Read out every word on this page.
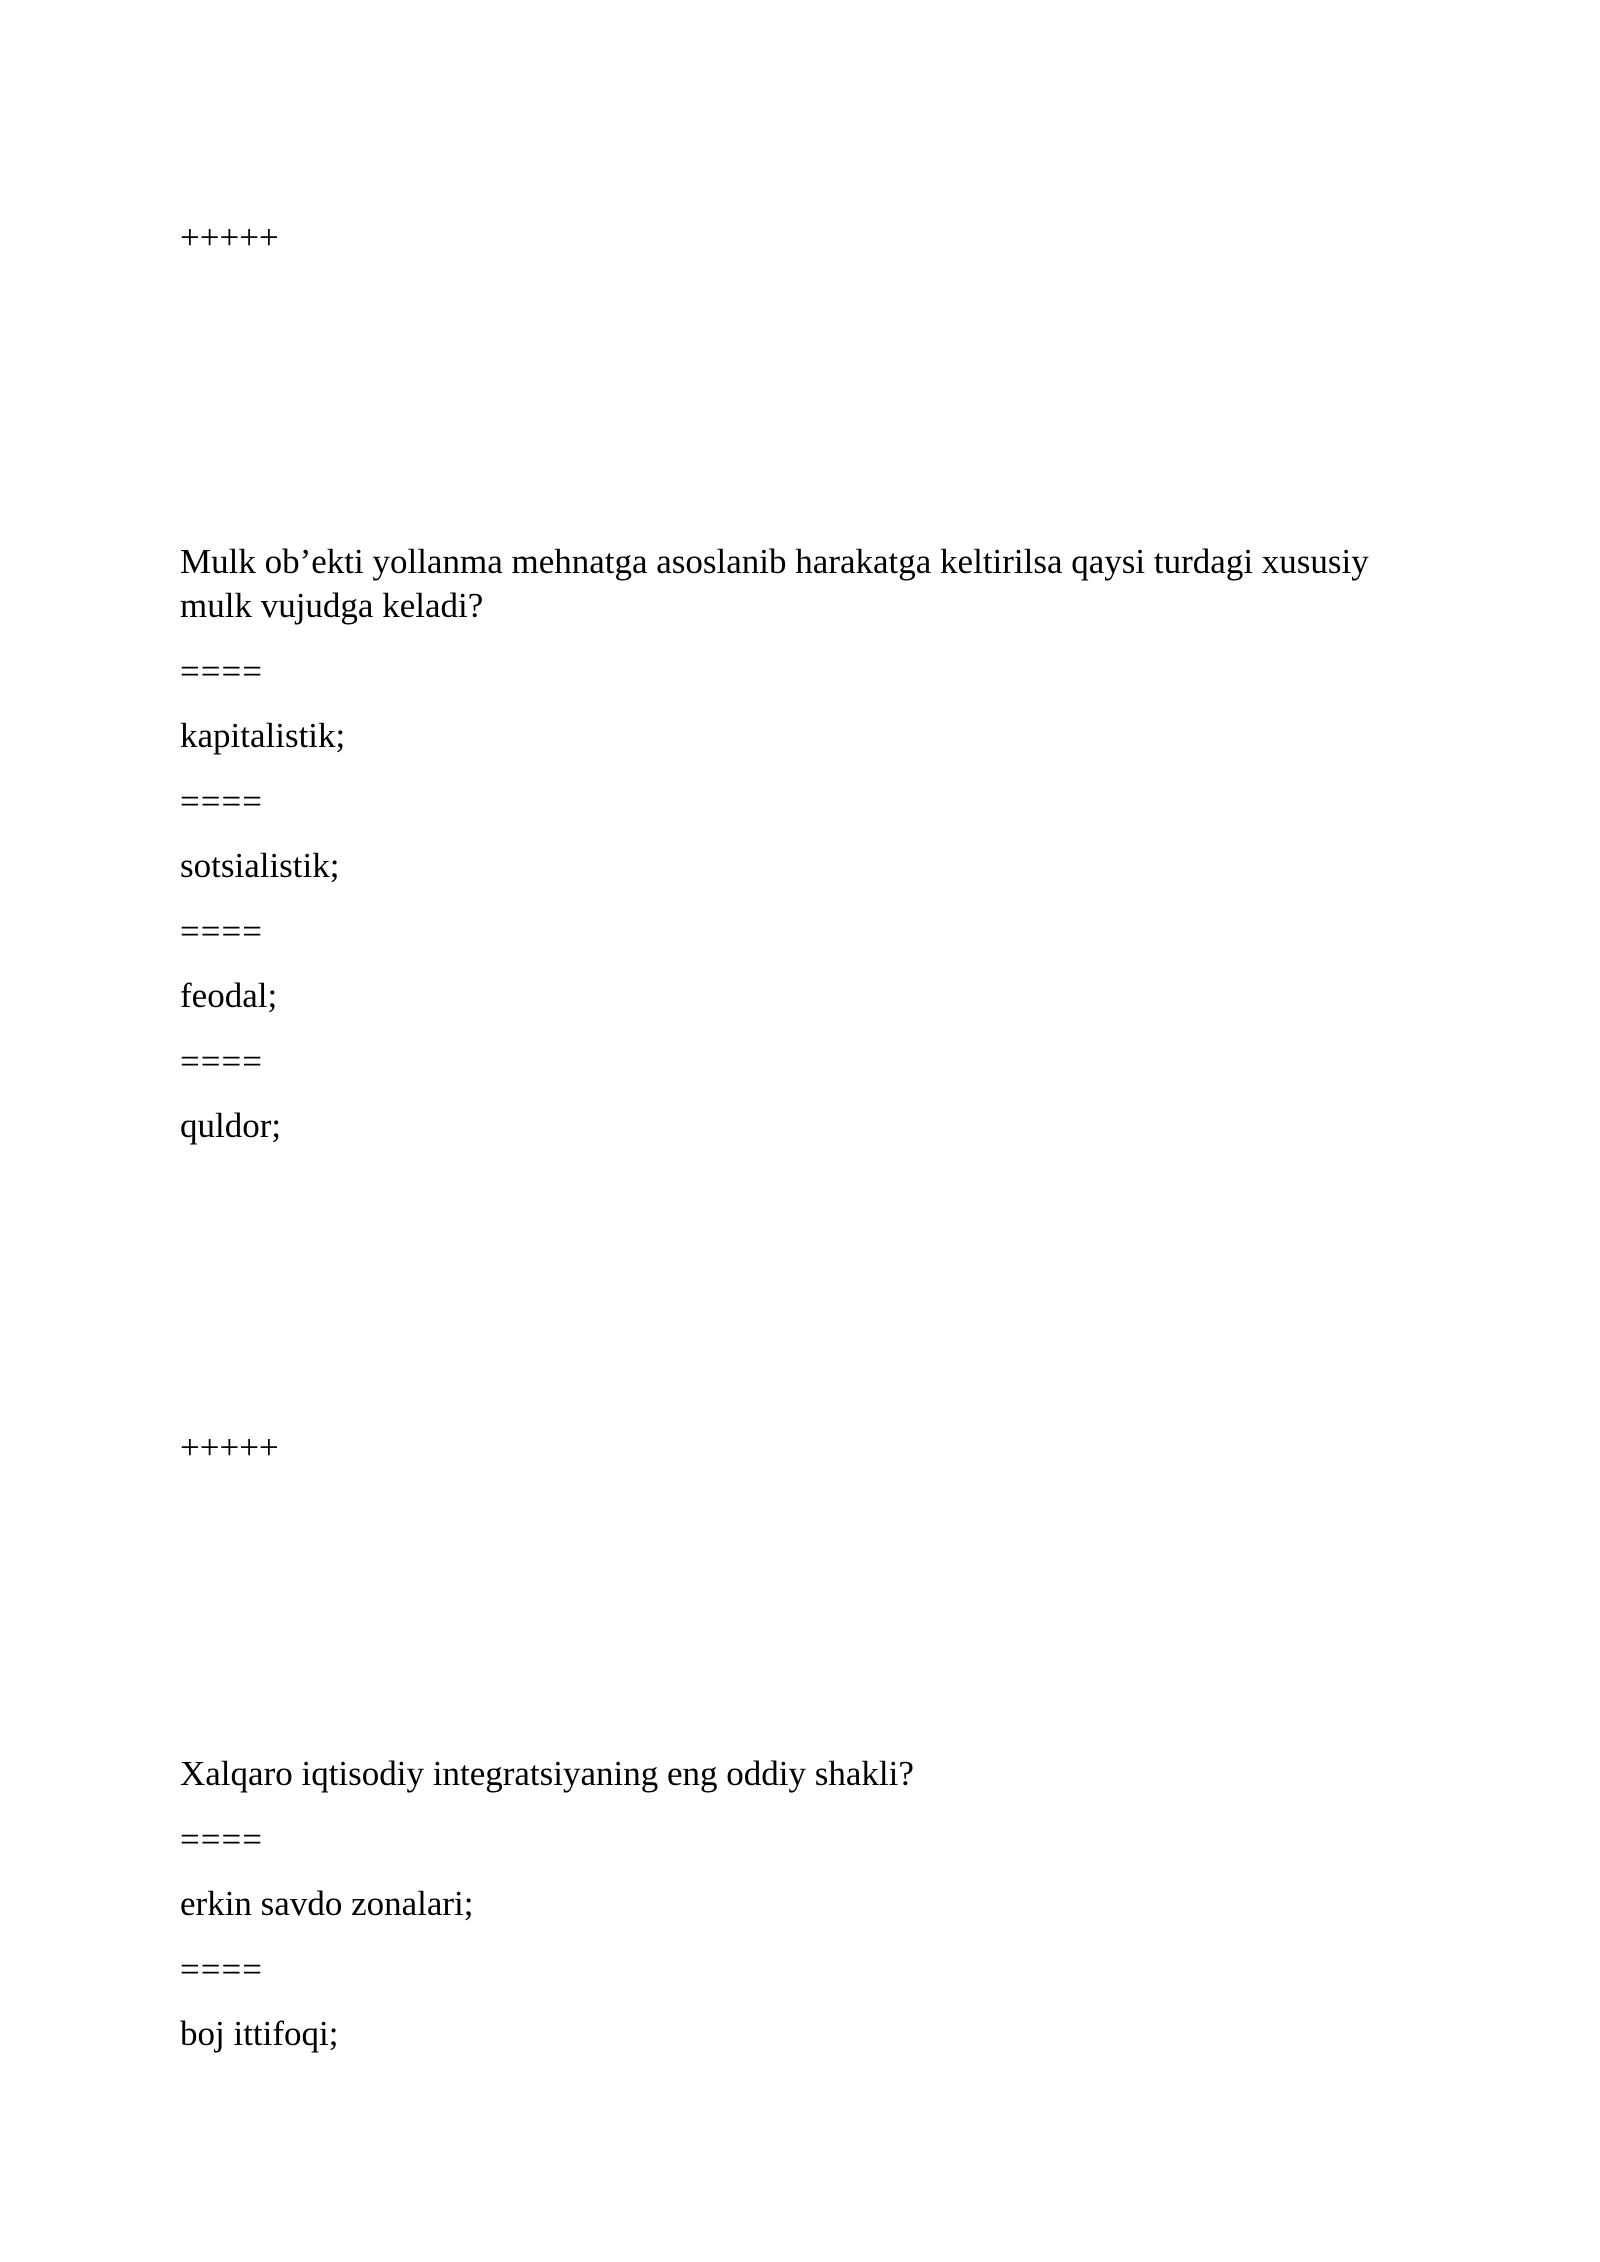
+++++
Mulk ob’ekti yollanma mehnatga asoslanib harakatga keltirilsa qaysi turdagi xususiy mulk vujudga keladi?
====
kapitalistik;
====
sotsialistik;
====
feodal;
====
quldor;
+++++
Xalqaro iqtisodiy integratsiyaning eng oddiy shakli?
====
erkin savdo zonalari;
====
boj ittifoqi;
